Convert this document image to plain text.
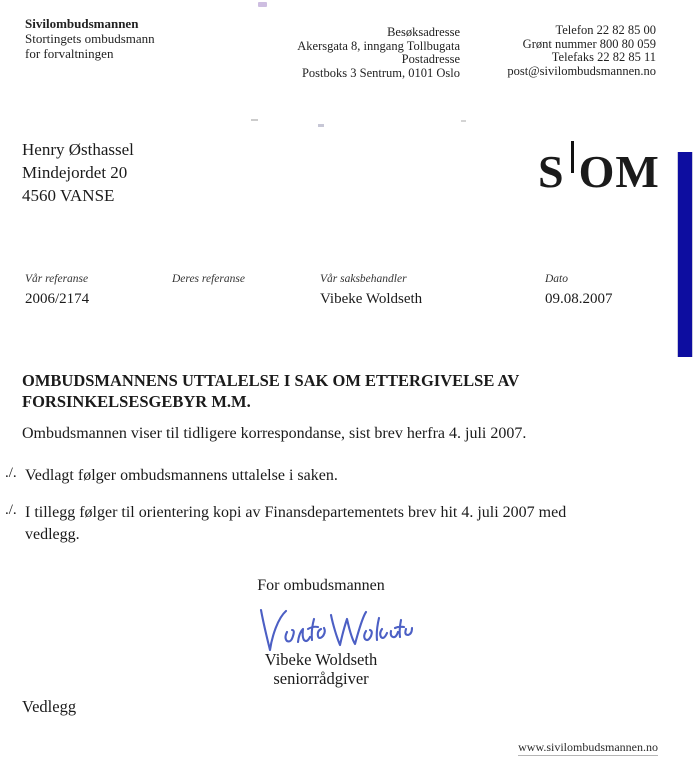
Sivilombudsmannen
Stortingets ombudsmann
for forvaltningen
Besøksadresse
Akersgata 8, inngang Tollbugata
Postadresse
Postboks 3 Sentrum, 0101 Oslo
Telefon 22 82 85 00
Grønt nummer 800 80 059
Telefaks 22 82 85 11
post@sivilombudsmannen.no
Henry Østhassel
Mindejordet 20
4560 VANSE	S OM
Vår referanse
2006/2174
Deres referanse	Vår saksbehandler
Vibeke Woldseth
Dato
09.08.2007
OMBUDSMANNENS UTTALELSE I SAK OM ETTERGIVELSE AV
FORSINKELSESGEBYR M.M.
Ombudsmannen viser til tidligere korrespondanse, sist brev herfra 4. juli 2007.
./. Vedlagt følger ombudsmannens uttalelse i saken.
./. I tillegg følger til orientering kopi av Finansdepartementets brev hit 4. juli 2007 med
vedlegg.
For ombudsmannen
Vibeke Woldseth
seniorrådgiver
Vedlegg
www.sivilombudsmannen.no
